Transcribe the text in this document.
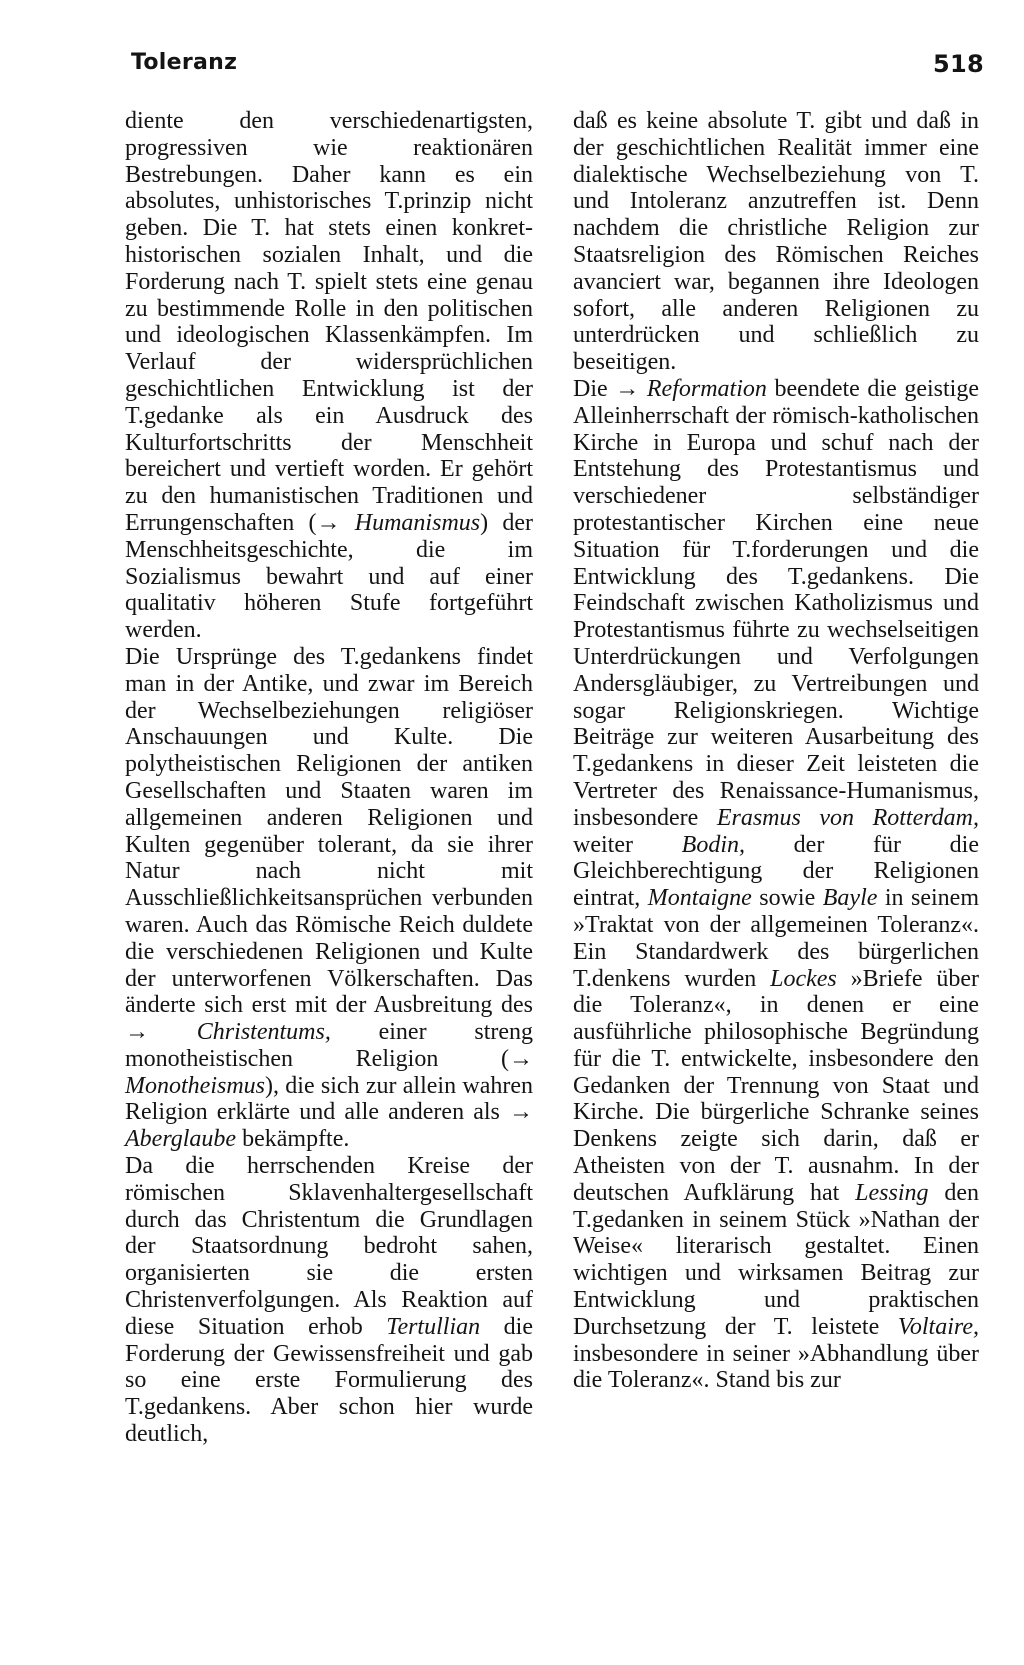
Toleranz	518

diente den verschiedenartigsten, progressiven wie reaktionären Bestrebungen. Daher kann es ein absolutes, unhistorisches T.prinzip nicht geben. Die T. hat stets einen konkret-historischen sozialen Inhalt, und die Forderung nach T. spielt stets eine genau zu bestimmende Rolle in den politischen und ideologischen Klassenkämpfen. Im Verlauf der widersprüchlichen geschichtlichen Entwicklung ist der T.gedanke als ein Ausdruck des Kulturfortschritts der Menschheit bereichert und vertieft worden. Er gehört zu den humanistischen Traditionen und Errungenschaften (→ Humanismus) der Menschheitsgeschichte, die im Sozialismus bewahrt und auf einer qualitativ höheren Stufe fortgeführt werden.

Die Ursprünge des T.gedankens findet man in der Antike, und zwar im Bereich der Wechselbeziehungen religiöser Anschauungen und Kulte. Die polytheistischen Religionen der antiken Gesellschaften und Staaten waren im allgemeinen anderen Religionen und Kulten gegenüber tolerant, da sie ihrer Natur nach nicht mit Ausschließlichkeitsansprüchen verbunden waren. Auch das Römische Reich duldete die verschiedenen Religionen und Kulte der unterworfenen Völkerschaften. Das änderte sich erst mit der Ausbreitung des → Christentums, einer streng monotheistischen Religion (→ Monotheismus), die sich zur allein wahren Religion erklärte und alle anderen als → Aberglaube bekämpfte.

Da die herrschenden Kreise der römischen Sklavenhaltergesellschaft durch das Christentum die Grundlagen der Staatsordnung bedroht sahen, organisierten sie die ersten Christenverfolgungen. Als Reaktion auf diese Situation erhob Tertullian die Forderung der Gewissensfreiheit und gab so eine erste Formulierung des T.gedankens. Aber schon hier wurde deutlich,

daß es keine absolute T. gibt und daß in der geschichtlichen Realität immer eine dialektische Wechselbeziehung von T. und Intoleranz anzutreffen ist. Denn nachdem die christliche Religion zur Staatsreligion des Römischen Reiches avanciert war, begannen ihre Ideologen sofort, alle anderen Religionen zu unterdrücken und schließlich zu beseitigen.

Die → Reformation beendete die geistige Alleinherrschaft der römisch-katholischen Kirche in Europa und schuf nach der Entstehung des Protestantismus und verschiedener selbständiger protestantischer Kirchen eine neue Situation für T.forderungen und die Entwicklung des T.gedankens. Die Feindschaft zwischen Katholizismus und Protestantismus führte zu wechselseitigen Unterdrückungen und Verfolgungen Andersgläubiger, zu Vertreibungen und sogar Religionskriegen. Wichtige Beiträge zur weiteren Ausarbeitung des T.gedankens in dieser Zeit leisteten die Vertreter des Renaissance-Humanismus, insbesondere Erasmus von Rotterdam, weiter Bodin, der für die Gleichberechtigung der Religionen eintrat, Montaigne sowie Bayle in seinem »Traktat von der allgemeinen Toleranz«. Ein Standardwerk des bürgerlichen T.denkens wurden Lockes »Briefe über die Toleranz«, in denen er eine ausführliche philosophische Begründung für die T. entwickelte, insbesondere den Gedanken der Trennung von Staat und Kirche. Die bürgerliche Schranke seines Denkens zeigte sich darin, daß er Atheisten von der T. ausnahm. In der deutschen Aufklärung hat Lessing den T.gedanken in seinem Stück »Nathan der Weise« literarisch gestaltet. Einen wichtigen und wirksamen Beitrag zur Entwicklung und praktischen Durchsetzung der T. leistete Voltaire, insbesondere in seiner »Abhandlung über die Toleranz«. Stand bis zur
